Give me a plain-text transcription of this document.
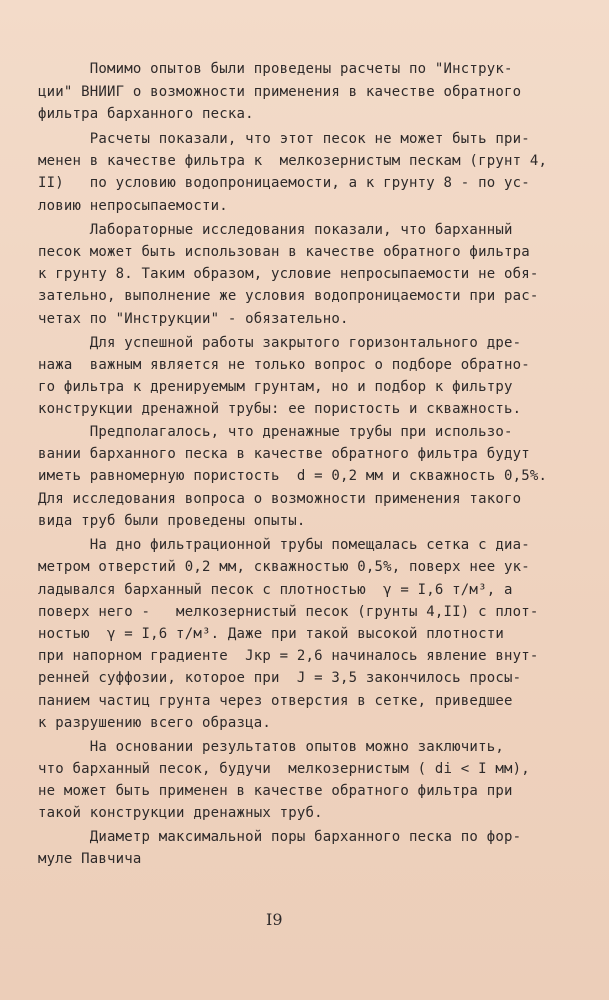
Помимо опытов были проведены расчеты по "Инструк-
ции" ВНИИГ о возможности применения в качестве обратного
фильтра барханного песка.
Расчеты показали, что этот песок не может быть при-
менен в качестве фильтра к  мелкозернистым пескам (грунт 4,
II)   по условию водопроницаемости, а к грунту 8 - по ус-
ловию непросыпаемости.
Лабораторные исследования показали, что барханный
песок может быть использован в качестве обратного фильтра
к грунту 8. Таким образом, условие непросыпаемости не обя-
зательно, выполнение же условия водопроницаемости при рас-
четах по "Инструкции" - обязательно.
Для успешной работы закрытого горизонтального дре-
нажа  важным является не только вопрос о подборе обратно-
го фильтра к дренируемым грунтам, но и подбор к фильтру
конструкции дренажной трубы: ее пористость и скважность.
Предполагалось, что дренажные трубы при использо-
вании барханного песка в качестве обратного фильтра будут
иметь равномерную пористость  d = 0,2 мм и скважность 0,5%.
Для исследования вопроса о возможности применения такого
вида труб были проведены опыты.
На дно фильтрационной трубы помещалась сетка с диа-
метром отверстий 0,2 мм, скважностью 0,5%, поверх нее ук-
ладывался барханный песок с плотностью  γ = I,6 т/м³, а
поверх него -   мелкозернистый песок (грунты 4,II) с плот-
ностью  γ = I,6 т/м³. Даже при такой высокой плотности
при напорном градиенте  Jкр = 2,6 начиналось явление внут-
ренней суффозии, которое при  J = 3,5 закончилось просы-
панием частиц грунта через отверстия в сетке, приведшее
к разрушению всего образца.
На основании результатов опытов можно заключить,
что барханный песок, будучи  мелкозернистым ( di < I мм),
не может быть применен в качестве обратного фильтра при
такой конструкции дренажных труб.
Диаметр максимальной поры барханного песка по фор-
муле Павчича
I9
